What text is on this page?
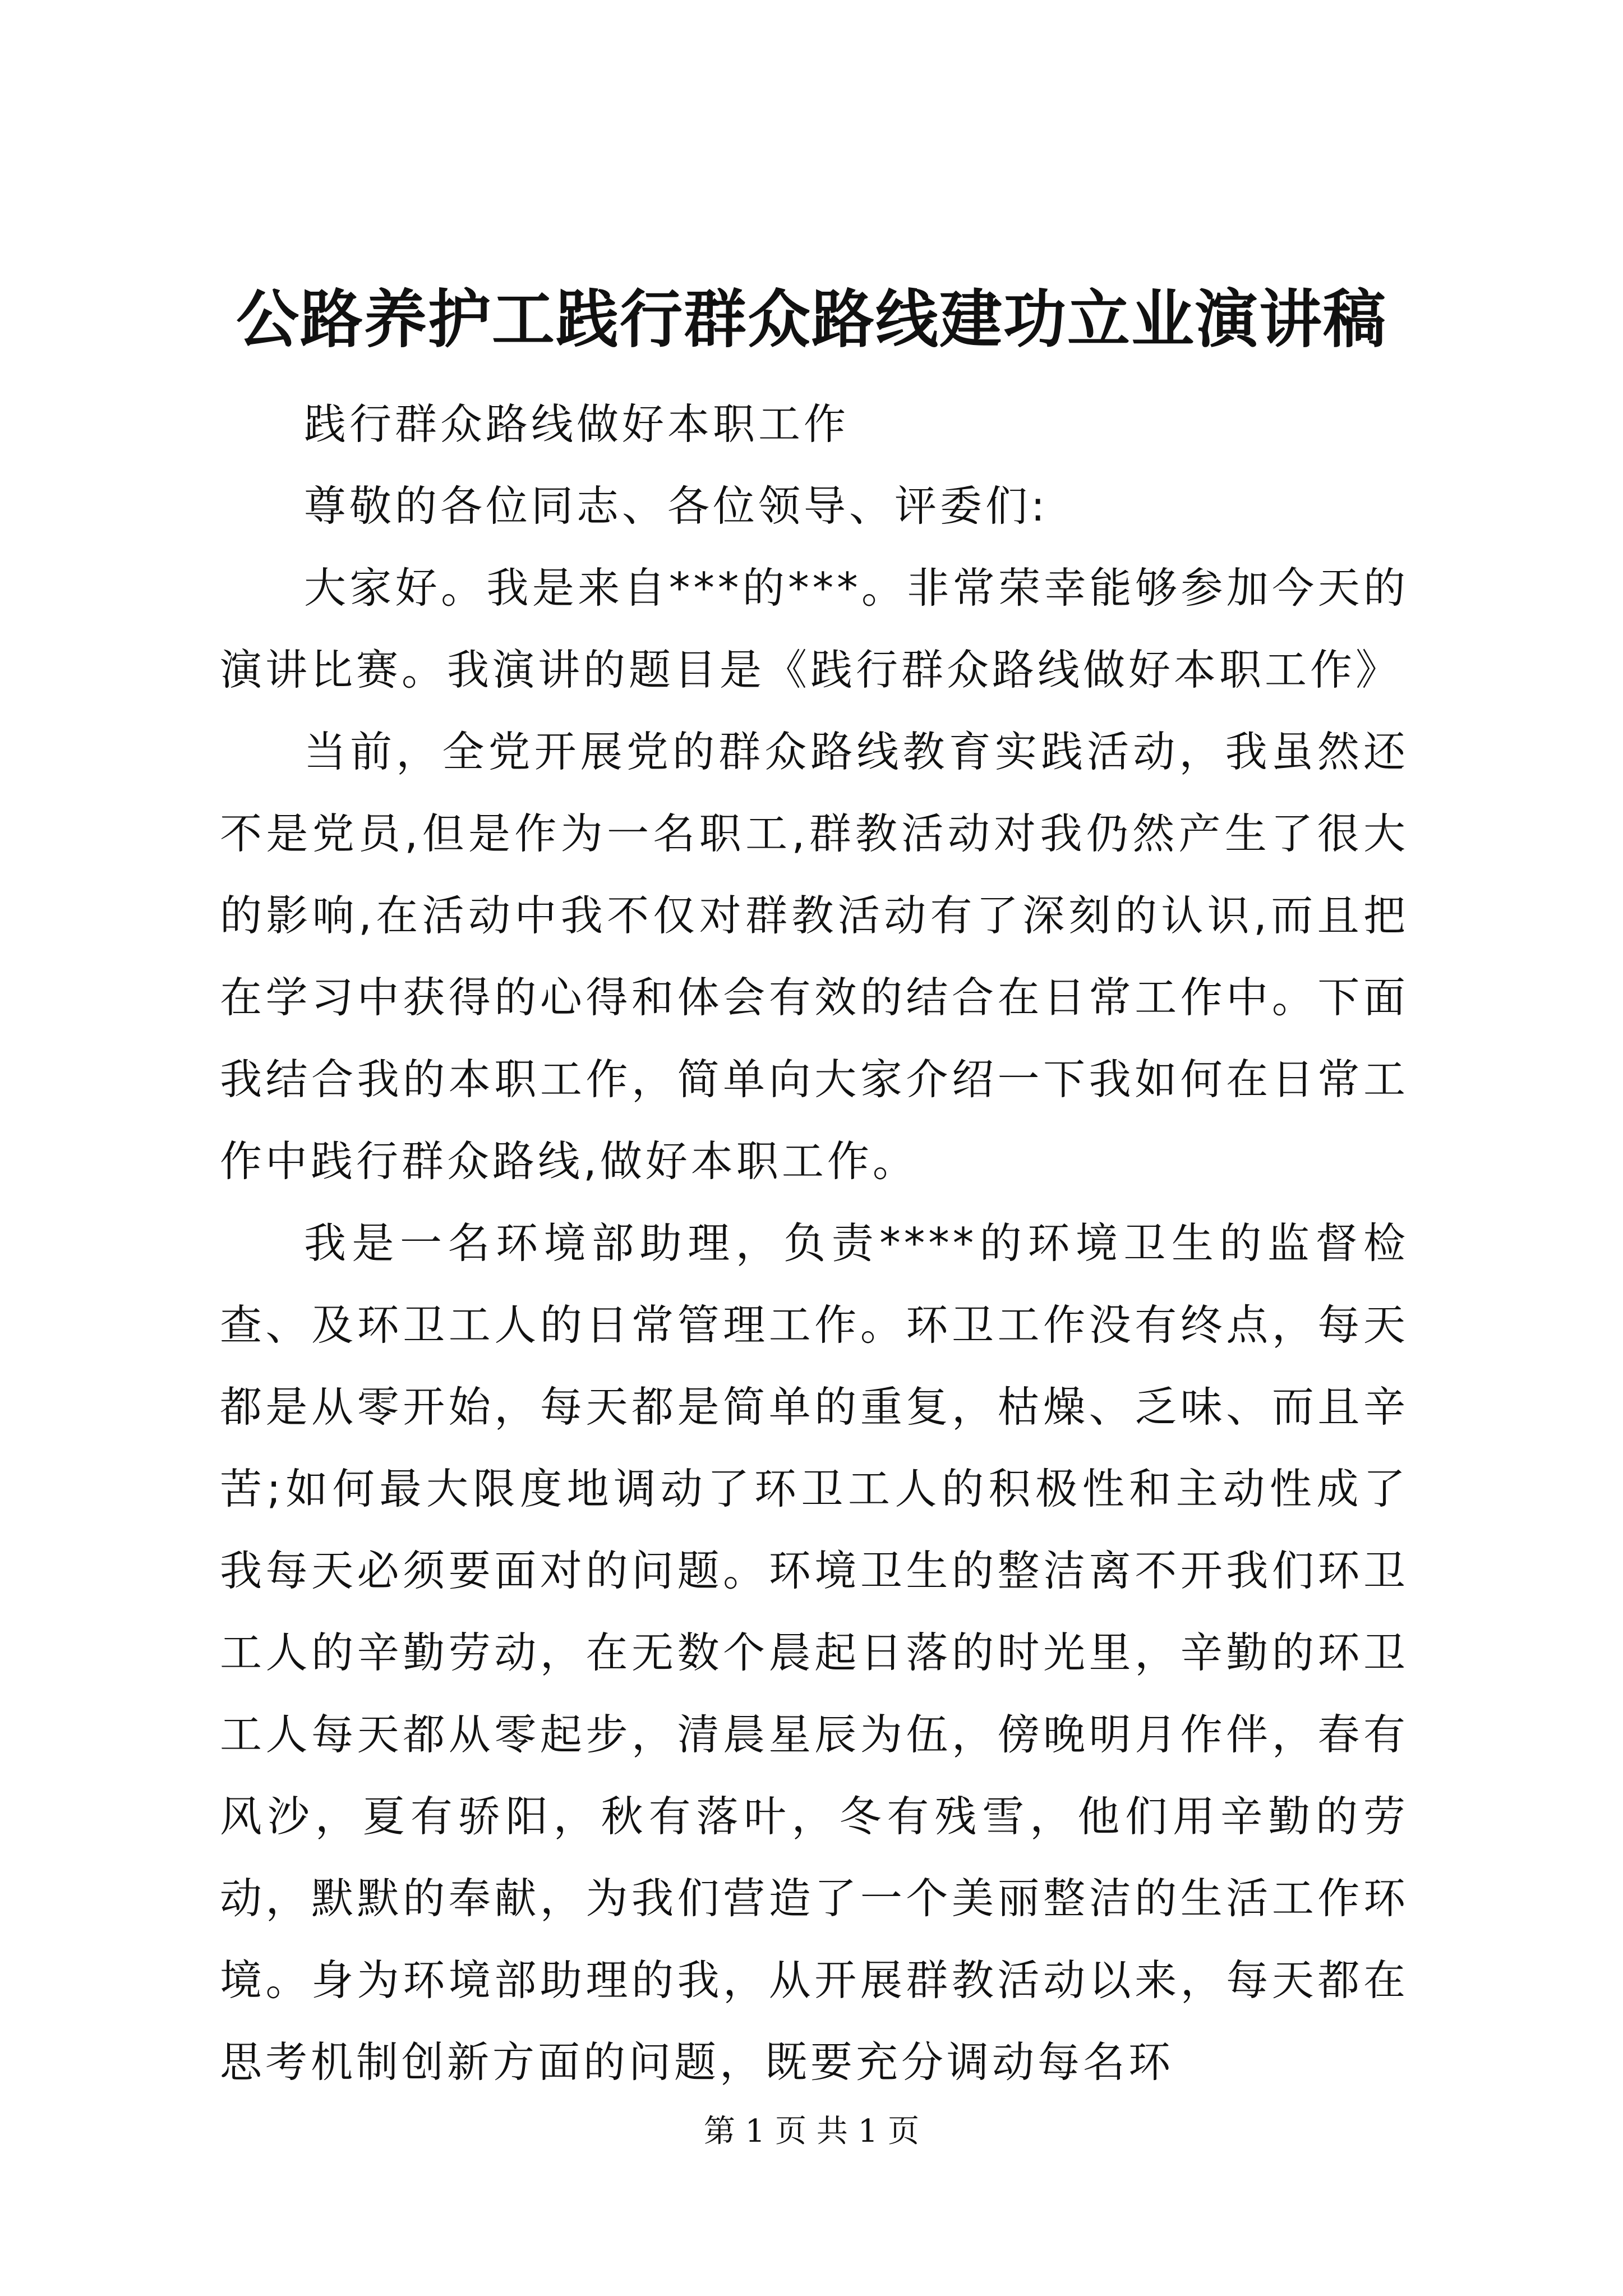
公路养护工践行群众路线建功立业演讲稿

践行群众路线做好本职工作

尊敬的各位同志、各位领导、评委们:

大家好。我是来自***的***。非常荣幸能够参加今天的演讲比赛。我演讲的题目是《践行群众路线做好本职工作》

当前，全党开展党的群众路线教育实践活动，我虽然还不是党员,但是作为一名职工,群教活动对我仍然产生了很大的影响,在活动中我不仅对群教活动有了深刻的认识,而且把在学习中获得的心得和体会有效的结合在日常工作中。下面我结合我的本职工作，简单向大家介绍一下我如何在日常工作中践行群众路线,做好本职工作。

我是一名环境部助理，负责****的环境卫生的监督检查、及环卫工人的日常管理工作。环卫工作没有终点，每天都是从零开始，每天都是简单的重复，枯燥、乏味、而且辛苦;如何最大限度地调动了环卫工人的积极性和主动性成了我每天必须要面对的问题。环境卫生的整洁离不开我们环卫工人的辛勤劳动，在无数个晨起日落的时光里，辛勤的环卫工人每天都从零起步，清晨星辰为伍，傍晚明月作伴，春有风沙，夏有骄阳，秋有落叶，冬有残雪，他们用辛勤的劳动，默默的奉献，为我们营造了一个美丽整洁的生活工作环境。身为环境部助理的我，从开展群教活动以来，每天都在思考机制创新方面的问题，既要充分调动每名环

第 1 页 共 1 页
